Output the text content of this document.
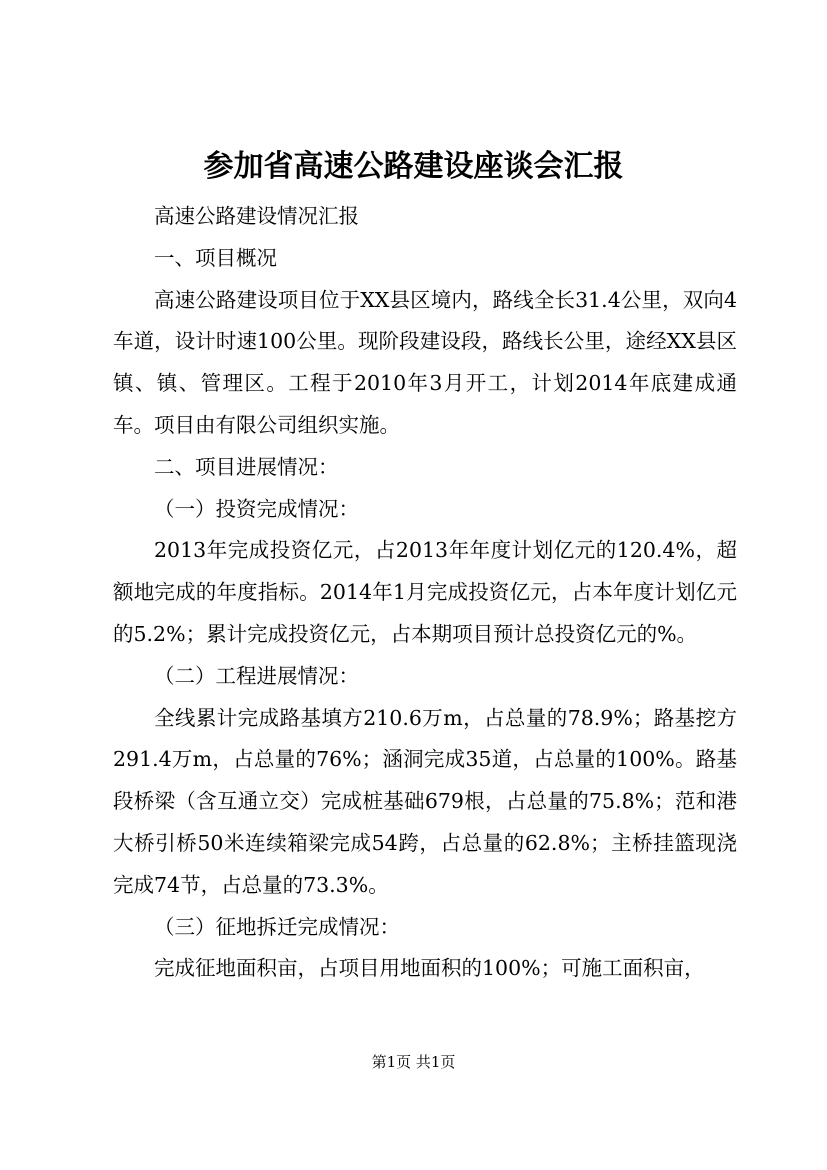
参加省高速公路建设座谈会汇报

高速公路建设情况汇报

一、项目概况

高速公路建设项目位于XX县区境内，路线全长31.4公里，双向4车道，设计时速100公里。现阶段建设段，路线长公里，途经XX县区镇、镇、管理区。工程于2010年3月开工，计划2014年底建成通车。项目由有限公司组织实施。

二、项目进展情况：

（一）投资完成情况：

2013年完成投资亿元，占2013年年度计划亿元的120.4%，超额地完成的年度指标。2014年1月完成投资亿元，占本年度计划亿元的5.2%；累计完成投资亿元，占本期项目预计总投资亿元的%。

（二）工程进展情况：

全线累计完成路基填方210.6万m，占总量的78.9%；路基挖方291.4万m，占总量的76%；涵洞完成35道，占总量的100%。路基段桥梁（含互通立交）完成桩基础679根，占总量的75.8%；范和港大桥引桥50米连续箱梁完成54跨，占总量的62.8%；主桥挂篮现浇完成74节，占总量的73.3%。

（三）征地拆迁完成情况：

完成征地面积亩，占项目用地面积的100%；可施工面积亩，

第1页 共1页
